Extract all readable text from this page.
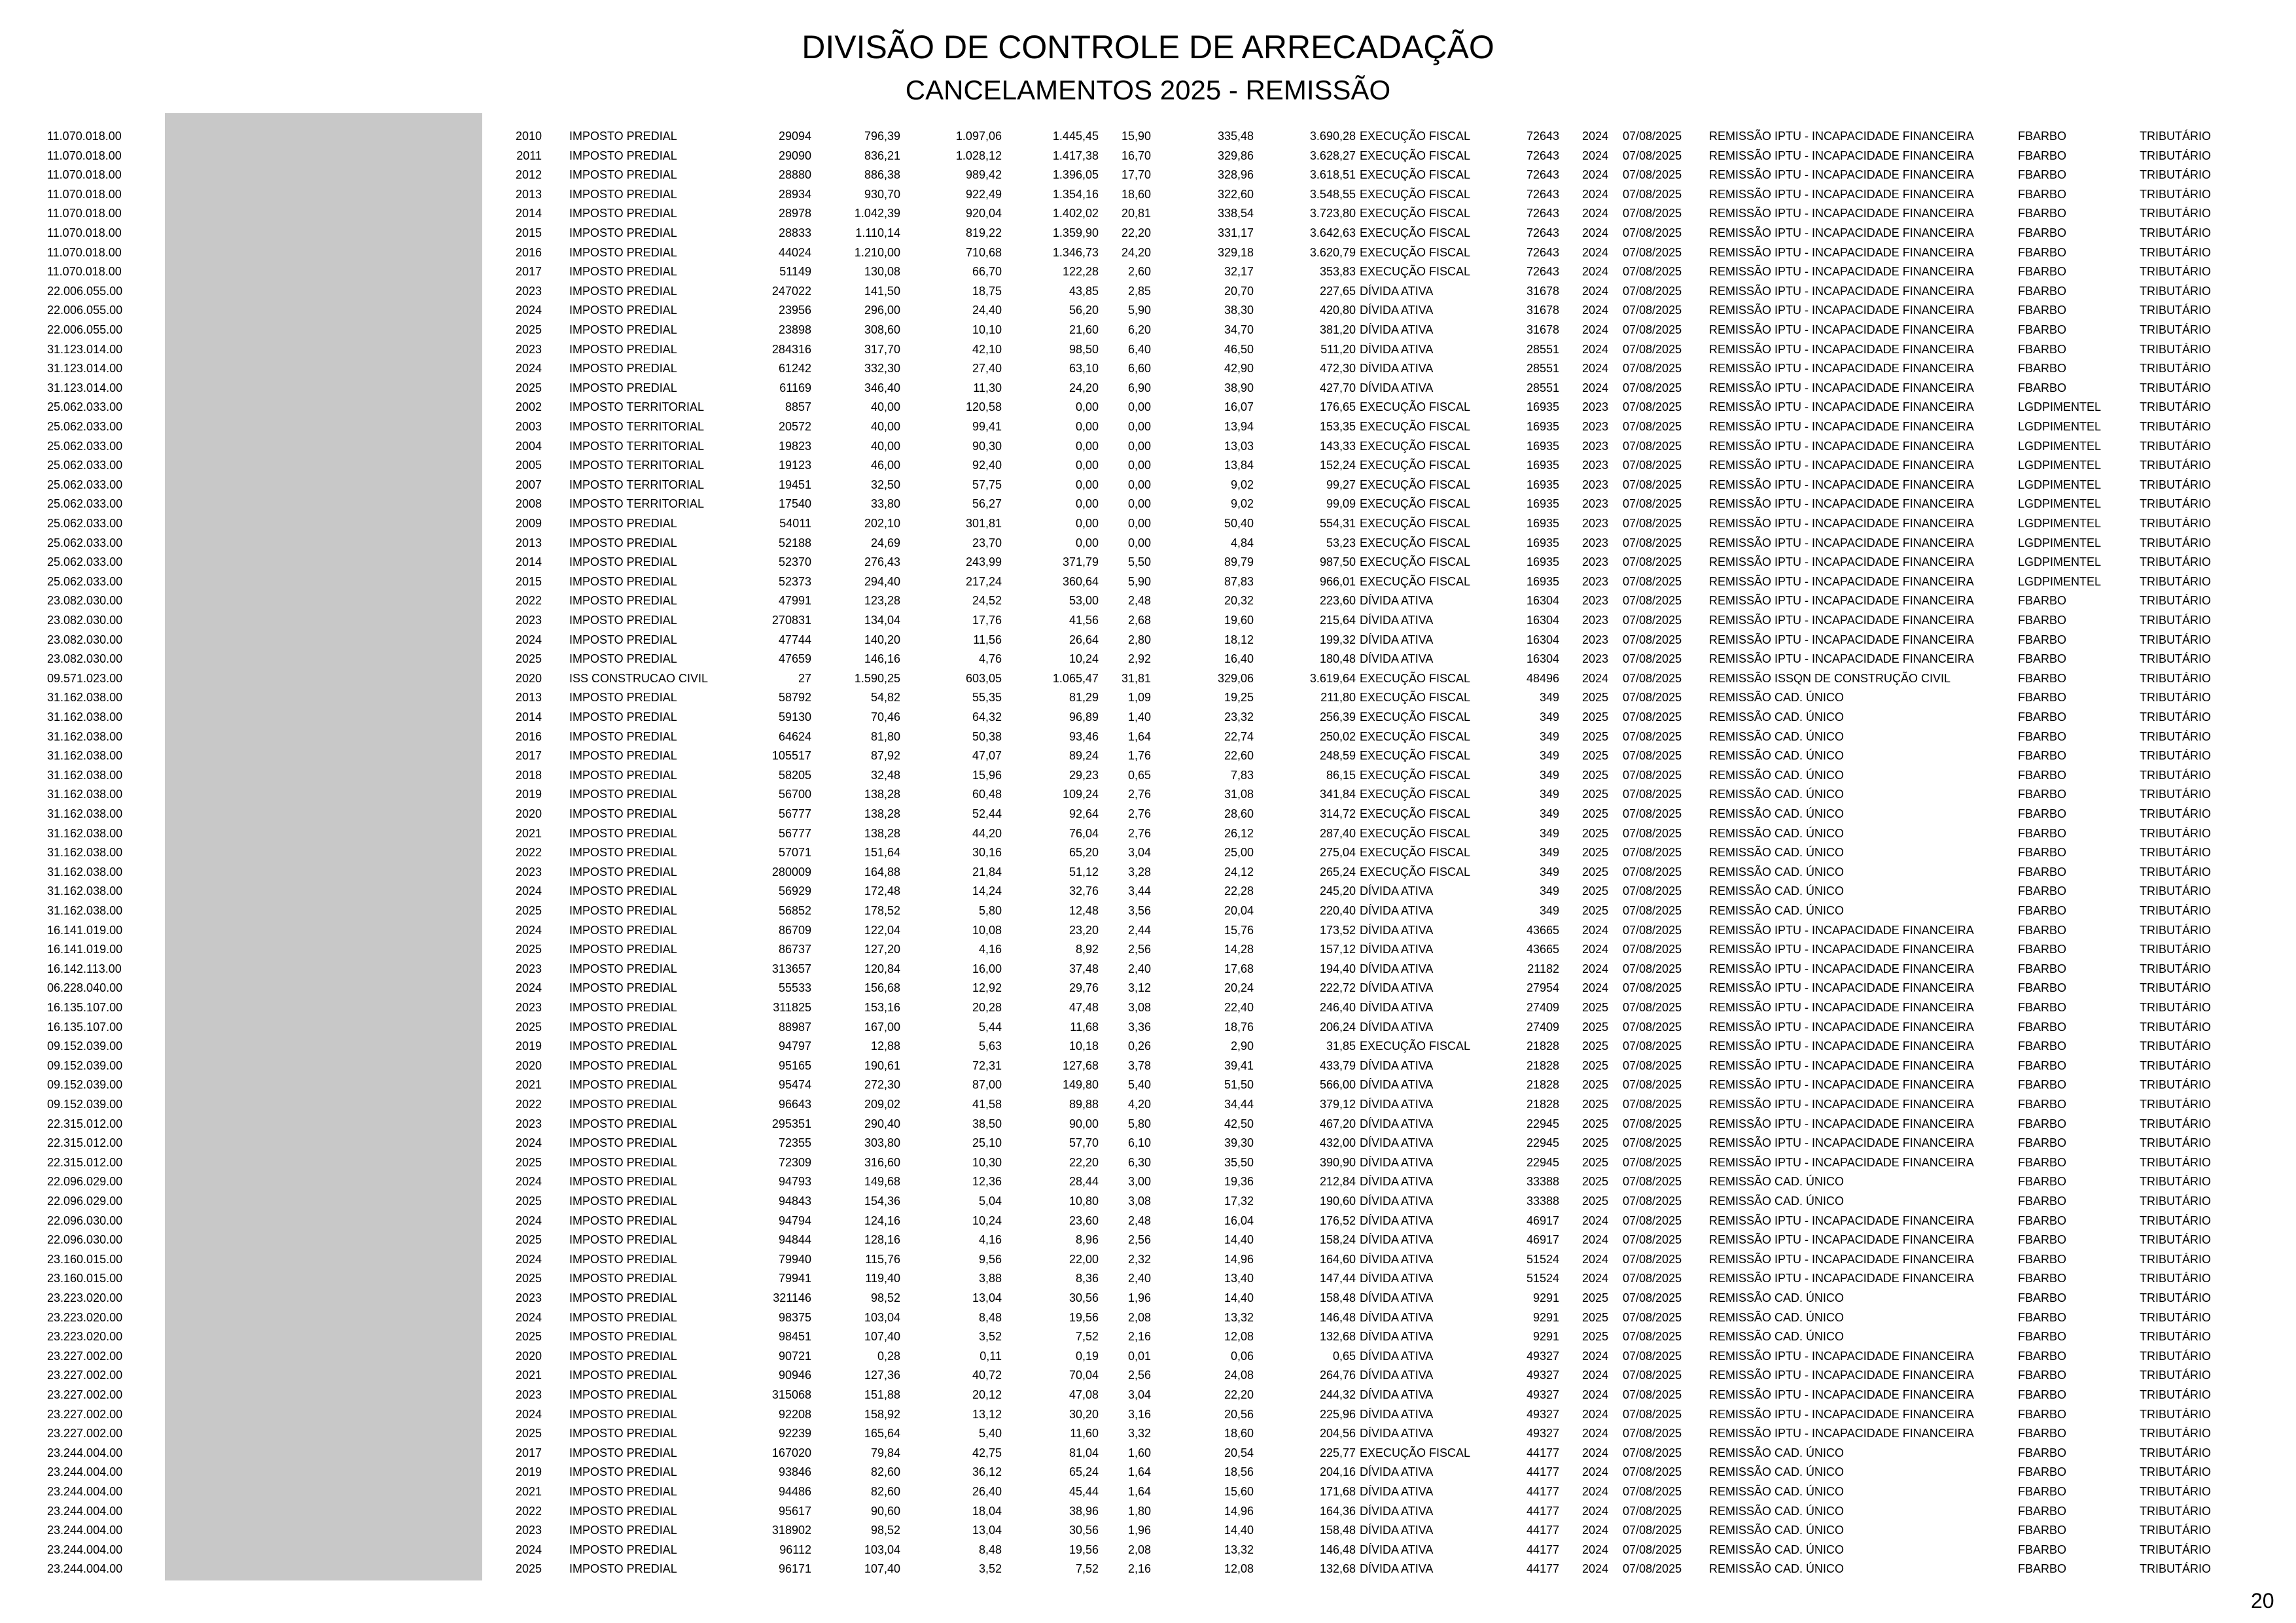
DIVISÃO DE CONTROLE DE ARRECADAÇÃO
CANCELAMENTOS 2025 - REMISSÃO
11.070.018.00	2010 IMPOSTO PREDIAL	29094	796,39	1.097,06	1.445,45	15,90	335,48	3.690,28 EXECUÇÃO FISCAL	72643	2024 07/08/2025	REMISSÃO IPTU - INCAPACIDADE FINANCEIRA	FBARBO	TRIBUTÁRIO
11.070.018.00	2011 IMPOSTO PREDIAL	29090	836,21	1.028,12	1.417,38	16,70	329,86	3.628,27 EXECUÇÃO FISCAL	72643	2024 07/08/2025	REMISSÃO IPTU - INCAPACIDADE FINANCEIRA	FBARBO	TRIBUTÁRIO
11.070.018.00	2012 IMPOSTO PREDIAL	28880	886,38	989,42	1.396,05	17,70	328,96	3.618,51 EXECUÇÃO FISCAL	72643	2024 07/08/2025	REMISSÃO IPTU - INCAPACIDADE FINANCEIRA	FBARBO	TRIBUTÁRIO
11.070.018.00	2013 IMPOSTO PREDIAL	28934	930,70	922,49	1.354,16	18,60	322,60	3.548,55 EXECUÇÃO FISCAL	72643	2024 07/08/2025	REMISSÃO IPTU - INCAPACIDADE FINANCEIRA	FBARBO	TRIBUTÁRIO
11.070.018.00	2014 IMPOSTO PREDIAL	28978	1.042,39	920,04	1.402,02	20,81	338,54	3.723,80 EXECUÇÃO FISCAL	72643	2024 07/08/2025	REMISSÃO IPTU - INCAPACIDADE FINANCEIRA	FBARBO	TRIBUTÁRIO
11.070.018.00	2015 IMPOSTO PREDIAL	28833	1.110,14	819,22	1.359,90	22,20	331,17	3.642,63 EXECUÇÃO FISCAL	72643	2024 07/08/2025	REMISSÃO IPTU - INCAPACIDADE FINANCEIRA	FBARBO	TRIBUTÁRIO
11.070.018.00	2016 IMPOSTO PREDIAL	44024	1.210,00	710,68	1.346,73	24,20	329,18	3.620,79 EXECUÇÃO FISCAL	72643	2024 07/08/2025	REMISSÃO IPTU - INCAPACIDADE FINANCEIRA	FBARBO	TRIBUTÁRIO
11.070.018.00	2017 IMPOSTO PREDIAL	51149	130,08	66,70	122,28	2,60	32,17	353,83 EXECUÇÃO FISCAL	72643	2024 07/08/2025	REMISSÃO IPTU - INCAPACIDADE FINANCEIRA	FBARBO	TRIBUTÁRIO
22.006.055.00	2023 IMPOSTO PREDIAL	247022	141,50	18,75	43,85	2,85	20,70	227,65 DÍVIDA ATIVA	31678	2024 07/08/2025	REMISSÃO IPTU - INCAPACIDADE FINANCEIRA	FBARBO	TRIBUTÁRIO
22.006.055.00	2024 IMPOSTO PREDIAL	23956	296,00	24,40	56,20	5,90	38,30	420,80 DÍVIDA ATIVA	31678	2024 07/08/2025	REMISSÃO IPTU - INCAPACIDADE FINANCEIRA	FBARBO	TRIBUTÁRIO
22.006.055.00	2025 IMPOSTO PREDIAL	23898	308,60	10,10	21,60	6,20	34,70	381,20 DÍVIDA ATIVA	31678	2024 07/08/2025	REMISSÃO IPTU - INCAPACIDADE FINANCEIRA	FBARBO	TRIBUTÁRIO
31.123.014.00	2023 IMPOSTO PREDIAL	284316	317,70	42,10	98,50	6,40	46,50	511,20 DÍVIDA ATIVA	28551	2024 07/08/2025	REMISSÃO IPTU - INCAPACIDADE FINANCEIRA	FBARBO	TRIBUTÁRIO
31.123.014.00	2024 IMPOSTO PREDIAL	61242	332,30	27,40	63,10	6,60	42,90	472,30 DÍVIDA ATIVA	28551	2024 07/08/2025	REMISSÃO IPTU - INCAPACIDADE FINANCEIRA	FBARBO	TRIBUTÁRIO
31.123.014.00	2025 IMPOSTO PREDIAL	61169	346,40	11,30	24,20	6,90	38,90	427,70 DÍVIDA ATIVA	28551	2024 07/08/2025	REMISSÃO IPTU - INCAPACIDADE FINANCEIRA	FBARBO	TRIBUTÁRIO
25.062.033.00	2002 IMPOSTO TERRITORIAL	8857	40,00	120,58	0,00	0,00	16,07	176,65 EXECUÇÃO FISCAL	16935	2023 07/08/2025	REMISSÃO IPTU - INCAPACIDADE FINANCEIRA	LGDPIMENTEL	TRIBUTÁRIO
25.062.033.00	2003 IMPOSTO TERRITORIAL	20572	40,00	99,41	0,00	0,00	13,94	153,35 EXECUÇÃO FISCAL	16935	2023 07/08/2025	REMISSÃO IPTU - INCAPACIDADE FINANCEIRA	LGDPIMENTEL	TRIBUTÁRIO
25.062.033.00	2004 IMPOSTO TERRITORIAL	19823	40,00	90,30	0,00	0,00	13,03	143,33 EXECUÇÃO FISCAL	16935	2023 07/08/2025	REMISSÃO IPTU - INCAPACIDADE FINANCEIRA	LGDPIMENTEL	TRIBUTÁRIO
25.062.033.00	2005 IMPOSTO TERRITORIAL	19123	46,00	92,40	0,00	0,00	13,84	152,24 EXECUÇÃO FISCAL	16935	2023 07/08/2025	REMISSÃO IPTU - INCAPACIDADE FINANCEIRA	LGDPIMENTEL	TRIBUTÁRIO
25.062.033.00	2007 IMPOSTO TERRITORIAL	19451	32,50	57,75	0,00	0,00	9,02	99,27 EXECUÇÃO FISCAL	16935	2023 07/08/2025	REMISSÃO IPTU - INCAPACIDADE FINANCEIRA	LGDPIMENTEL	TRIBUTÁRIO
25.062.033.00	2008 IMPOSTO TERRITORIAL	17540	33,80	56,27	0,00	0,00	9,02	99,09 EXECUÇÃO FISCAL	16935	2023 07/08/2025	REMISSÃO IPTU - INCAPACIDADE FINANCEIRA	LGDPIMENTEL	TRIBUTÁRIO
25.062.033.00	2009 IMPOSTO PREDIAL	54011	202,10	301,81	0,00	0,00	50,40	554,31 EXECUÇÃO FISCAL	16935	2023 07/08/2025	REMISSÃO IPTU - INCAPACIDADE FINANCEIRA	LGDPIMENTEL	TRIBUTÁRIO
25.062.033.00	2013 IMPOSTO PREDIAL	52188	24,69	23,70	0,00	0,00	4,84	53,23 EXECUÇÃO FISCAL	16935	2023 07/08/2025	REMISSÃO IPTU - INCAPACIDADE FINANCEIRA	LGDPIMENTEL	TRIBUTÁRIO
25.062.033.00	2014 IMPOSTO PREDIAL	52370	276,43	243,99	371,79	5,50	89,79	987,50 EXECUÇÃO FISCAL	16935	2023 07/08/2025	REMISSÃO IPTU - INCAPACIDADE FINANCEIRA	LGDPIMENTEL	TRIBUTÁRIO
25.062.033.00	2015 IMPOSTO PREDIAL	52373	294,40	217,24	360,64	5,90	87,83	966,01 EXECUÇÃO FISCAL	16935	2023 07/08/2025	REMISSÃO IPTU - INCAPACIDADE FINANCEIRA	LGDPIMENTEL	TRIBUTÁRIO
23.082.030.00	2022 IMPOSTO PREDIAL	47991	123,28	24,52	53,00	2,48	20,32	223,60 DÍVIDA ATIVA	16304	2023 07/08/2025	REMISSÃO IPTU - INCAPACIDADE FINANCEIRA	FBARBO	TRIBUTÁRIO
23.082.030.00	2023 IMPOSTO PREDIAL	270831	134,04	17,76	41,56	2,68	19,60	215,64 DÍVIDA ATIVA	16304	2023 07/08/2025	REMISSÃO IPTU - INCAPACIDADE FINANCEIRA	FBARBO	TRIBUTÁRIO
23.082.030.00	2024 IMPOSTO PREDIAL	47744	140,20	11,56	26,64	2,80	18,12	199,32 DÍVIDA ATIVA	16304	2023 07/08/2025	REMISSÃO IPTU - INCAPACIDADE FINANCEIRA	FBARBO	TRIBUTÁRIO
23.082.030.00	2025 IMPOSTO PREDIAL	47659	146,16	4,76	10,24	2,92	16,40	180,48 DÍVIDA ATIVA	16304	2023 07/08/2025	REMISSÃO IPTU - INCAPACIDADE FINANCEIRA	FBARBO	TRIBUTÁRIO
09.571.023.00	2020 ISS CONSTRUCAO CIVIL	27	1.590,25	603,05	1.065,47	31,81	329,06	3.619,64 EXECUÇÃO FISCAL	48496	2024 07/08/2025	REMISSÃO ISSQN DE CONSTRUÇÃO CIVIL	FBARBO	TRIBUTÁRIO
31.162.038.00	2013 IMPOSTO PREDIAL	58792	54,82	55,35	81,29	1,09	19,25	211,80 EXECUÇÃO FISCAL	349	2025 07/08/2025	REMISSÃO CAD. ÚNICO	FBARBO	TRIBUTÁRIO
31.162.038.00	2014 IMPOSTO PREDIAL	59130	70,46	64,32	96,89	1,40	23,32	256,39 EXECUÇÃO FISCAL	349	2025 07/08/2025	REMISSÃO CAD. ÚNICO	FBARBO	TRIBUTÁRIO
31.162.038.00	2016 IMPOSTO PREDIAL	64624	81,80	50,38	93,46	1,64	22,74	250,02 EXECUÇÃO FISCAL	349	2025 07/08/2025	REMISSÃO CAD. ÚNICO	FBARBO	TRIBUTÁRIO
31.162.038.00	2017 IMPOSTO PREDIAL	105517	87,92	47,07	89,24	1,76	22,60	248,59 EXECUÇÃO FISCAL	349	2025 07/08/2025	REMISSÃO CAD. ÚNICO	FBARBO	TRIBUTÁRIO
31.162.038.00	2018 IMPOSTO PREDIAL	58205	32,48	15,96	29,23	0,65	7,83	86,15 EXECUÇÃO FISCAL	349	2025 07/08/2025	REMISSÃO CAD. ÚNICO	FBARBO	TRIBUTÁRIO
31.162.038.00	2019 IMPOSTO PREDIAL	56700	138,28	60,48	109,24	2,76	31,08	341,84 EXECUÇÃO FISCAL	349	2025 07/08/2025	REMISSÃO CAD. ÚNICO	FBARBO	TRIBUTÁRIO
31.162.038.00	2020 IMPOSTO PREDIAL	56777	138,28	52,44	92,64	2,76	28,60	314,72 EXECUÇÃO FISCAL	349	2025 07/08/2025	REMISSÃO CAD. ÚNICO	FBARBO	TRIBUTÁRIO
31.162.038.00	2021 IMPOSTO PREDIAL	56777	138,28	44,20	76,04	2,76	26,12	287,40 EXECUÇÃO FISCAL	349	2025 07/08/2025	REMISSÃO CAD. ÚNICO	FBARBO	TRIBUTÁRIO
31.162.038.00	2022 IMPOSTO PREDIAL	57071	151,64	30,16	65,20	3,04	25,00	275,04 EXECUÇÃO FISCAL	349	2025 07/08/2025	REMISSÃO CAD. ÚNICO	FBARBO	TRIBUTÁRIO
31.162.038.00	2023 IMPOSTO PREDIAL	280009	164,88	21,84	51,12	3,28	24,12	265,24 EXECUÇÃO FISCAL	349	2025 07/08/2025	REMISSÃO CAD. ÚNICO	FBARBO	TRIBUTÁRIO
31.162.038.00	2024 IMPOSTO PREDIAL	56929	172,48	14,24	32,76	3,44	22,28	245,20 DÍVIDA ATIVA	349	2025 07/08/2025	REMISSÃO CAD. ÚNICO	FBARBO	TRIBUTÁRIO
31.162.038.00	2025 IMPOSTO PREDIAL	56852	178,52	5,80	12,48	3,56	20,04	220,40 DÍVIDA ATIVA	349	2025 07/08/2025	REMISSÃO CAD. ÚNICO	FBARBO	TRIBUTÁRIO
16.141.019.00	2024 IMPOSTO PREDIAL	86709	122,04	10,08	23,20	2,44	15,76	173,52 DÍVIDA ATIVA	43665	2024 07/08/2025	REMISSÃO IPTU - INCAPACIDADE FINANCEIRA	FBARBO	TRIBUTÁRIO
16.141.019.00	2025 IMPOSTO PREDIAL	86737	127,20	4,16	8,92	2,56	14,28	157,12 DÍVIDA ATIVA	43665	2024 07/08/2025	REMISSÃO IPTU - INCAPACIDADE FINANCEIRA	FBARBO	TRIBUTÁRIO
16.142.113.00	2023 IMPOSTO PREDIAL	313657	120,84	16,00	37,48	2,40	17,68	194,40 DÍVIDA ATIVA	21182	2024 07/08/2025	REMISSÃO IPTU - INCAPACIDADE FINANCEIRA	FBARBO	TRIBUTÁRIO
06.228.040.00	2024 IMPOSTO PREDIAL	55533	156,68	12,92	29,76	3,12	20,24	222,72 DÍVIDA ATIVA	27954	2024 07/08/2025	REMISSÃO IPTU - INCAPACIDADE FINANCEIRA	FBARBO	TRIBUTÁRIO
16.135.107.00	2023 IMPOSTO PREDIAL	311825	153,16	20,28	47,48	3,08	22,40	246,40 DÍVIDA ATIVA	27409	2025 07/08/2025	REMISSÃO IPTU - INCAPACIDADE FINANCEIRA	FBARBO	TRIBUTÁRIO
16.135.107.00	2025 IMPOSTO PREDIAL	88987	167,00	5,44	11,68	3,36	18,76	206,24 DÍVIDA ATIVA	27409	2025 07/08/2025	REMISSÃO IPTU - INCAPACIDADE FINANCEIRA	FBARBO	TRIBUTÁRIO
09.152.039.00	2019 IMPOSTO PREDIAL	94797	12,88	5,63	10,18	0,26	2,90	31,85 EXECUÇÃO FISCAL	21828	2025 07/08/2025	REMISSÃO IPTU - INCAPACIDADE FINANCEIRA	FBARBO	TRIBUTÁRIO
09.152.039.00	2020 IMPOSTO PREDIAL	95165	190,61	72,31	127,68	3,78	39,41	433,79 DÍVIDA ATIVA	21828	2025 07/08/2025	REMISSÃO IPTU - INCAPACIDADE FINANCEIRA	FBARBO	TRIBUTÁRIO
09.152.039.00	2021 IMPOSTO PREDIAL	95474	272,30	87,00	149,80	5,40	51,50	566,00 DÍVIDA ATIVA	21828	2025 07/08/2025	REMISSÃO IPTU - INCAPACIDADE FINANCEIRA	FBARBO	TRIBUTÁRIO
09.152.039.00	2022 IMPOSTO PREDIAL	96643	209,02	41,58	89,88	4,20	34,44	379,12 DÍVIDA ATIVA	21828	2025 07/08/2025	REMISSÃO IPTU - INCAPACIDADE FINANCEIRA	FBARBO	TRIBUTÁRIO
22.315.012.00	2023 IMPOSTO PREDIAL	295351	290,40	38,50	90,00	5,80	42,50	467,20 DÍVIDA ATIVA	22945	2025 07/08/2025	REMISSÃO IPTU - INCAPACIDADE FINANCEIRA	FBARBO	TRIBUTÁRIO
22.315.012.00	2024 IMPOSTO PREDIAL	72355	303,80	25,10	57,70	6,10	39,30	432,00 DÍVIDA ATIVA	22945	2025 07/08/2025	REMISSÃO IPTU - INCAPACIDADE FINANCEIRA	FBARBO	TRIBUTÁRIO
22.315.012.00	2025 IMPOSTO PREDIAL	72309	316,60	10,30	22,20	6,30	35,50	390,90 DÍVIDA ATIVA	22945	2025 07/08/2025	REMISSÃO IPTU - INCAPACIDADE FINANCEIRA	FBARBO	TRIBUTÁRIO
22.096.029.00	2024 IMPOSTO PREDIAL	94793	149,68	12,36	28,44	3,00	19,36	212,84 DÍVIDA ATIVA	33388	2025 07/08/2025	REMISSÃO CAD. ÚNICO	FBARBO	TRIBUTÁRIO
22.096.029.00	2025 IMPOSTO PREDIAL	94843	154,36	5,04	10,80	3,08	17,32	190,60 DÍVIDA ATIVA	33388	2025 07/08/2025	REMISSÃO CAD. ÚNICO	FBARBO	TRIBUTÁRIO
22.096.030.00	2024 IMPOSTO PREDIAL	94794	124,16	10,24	23,60	2,48	16,04	176,52 DÍVIDA ATIVA	46917	2024 07/08/2025	REMISSÃO IPTU - INCAPACIDADE FINANCEIRA	FBARBO	TRIBUTÁRIO
22.096.030.00	2025 IMPOSTO PREDIAL	94844	128,16	4,16	8,96	2,56	14,40	158,24 DÍVIDA ATIVA	46917	2024 07/08/2025	REMISSÃO IPTU - INCAPACIDADE FINANCEIRA	FBARBO	TRIBUTÁRIO
23.160.015.00	2024 IMPOSTO PREDIAL	79940	115,76	9,56	22,00	2,32	14,96	164,60 DÍVIDA ATIVA	51524	2024 07/08/2025	REMISSÃO IPTU - INCAPACIDADE FINANCEIRA	FBARBO	TRIBUTÁRIO
23.160.015.00	2025 IMPOSTO PREDIAL	79941	119,40	3,88	8,36	2,40	13,40	147,44 DÍVIDA ATIVA	51524	2024 07/08/2025	REMISSÃO IPTU - INCAPACIDADE FINANCEIRA	FBARBO	TRIBUTÁRIO
23.223.020.00	2023 IMPOSTO PREDIAL	321146	98,52	13,04	30,56	1,96	14,40	158,48 DÍVIDA ATIVA	9291	2025 07/08/2025	REMISSÃO CAD. ÚNICO	FBARBO	TRIBUTÁRIO
23.223.020.00	2024 IMPOSTO PREDIAL	98375	103,04	8,48	19,56	2,08	13,32	146,48 DÍVIDA ATIVA	9291	2025 07/08/2025	REMISSÃO CAD. ÚNICO	FBARBO	TRIBUTÁRIO
23.223.020.00	2025 IMPOSTO PREDIAL	98451	107,40	3,52	7,52	2,16	12,08	132,68 DÍVIDA ATIVA	9291	2025 07/08/2025	REMISSÃO CAD. ÚNICO	FBARBO	TRIBUTÁRIO
23.227.002.00	2020 IMPOSTO PREDIAL	90721	0,28	0,11	0,19	0,01	0,06	0,65 DÍVIDA ATIVA	49327	2024 07/08/2025	REMISSÃO IPTU - INCAPACIDADE FINANCEIRA	FBARBO	TRIBUTÁRIO
23.227.002.00	2021 IMPOSTO PREDIAL	90946	127,36	40,72	70,04	2,56	24,08	264,76 DÍVIDA ATIVA	49327	2024 07/08/2025	REMISSÃO IPTU - INCAPACIDADE FINANCEIRA	FBARBO	TRIBUTÁRIO
23.227.002.00	2023 IMPOSTO PREDIAL	315068	151,88	20,12	47,08	3,04	22,20	244,32 DÍVIDA ATIVA	49327	2024 07/08/2025	REMISSÃO IPTU - INCAPACIDADE FINANCEIRA	FBARBO	TRIBUTÁRIO
23.227.002.00	2024 IMPOSTO PREDIAL	92208	158,92	13,12	30,20	3,16	20,56	225,96 DÍVIDA ATIVA	49327	2024 07/08/2025	REMISSÃO IPTU - INCAPACIDADE FINANCEIRA	FBARBO	TRIBUTÁRIO
23.227.002.00	2025 IMPOSTO PREDIAL	92239	165,64	5,40	11,60	3,32	18,60	204,56 DÍVIDA ATIVA	49327	2024 07/08/2025	REMISSÃO IPTU - INCAPACIDADE FINANCEIRA	FBARBO	TRIBUTÁRIO
23.244.004.00	2017 IMPOSTO PREDIAL	167020	79,84	42,75	81,04	1,60	20,54	225,77 EXECUÇÃO FISCAL	44177	2024 07/08/2025	REMISSÃO CAD. ÚNICO	FBARBO	TRIBUTÁRIO
23.244.004.00	2019 IMPOSTO PREDIAL	93846	82,60	36,12	65,24	1,64	18,56	204,16 DÍVIDA ATIVA	44177	2024 07/08/2025	REMISSÃO CAD. ÚNICO	FBARBO	TRIBUTÁRIO
23.244.004.00	2021 IMPOSTO PREDIAL	94486	82,60	26,40	45,44	1,64	15,60	171,68 DÍVIDA ATIVA	44177	2024 07/08/2025	REMISSÃO CAD. ÚNICO	FBARBO	TRIBUTÁRIO
23.244.004.00	2022 IMPOSTO PREDIAL	95617	90,60	18,04	38,96	1,80	14,96	164,36 DÍVIDA ATIVA	44177	2024 07/08/2025	REMISSÃO CAD. ÚNICO	FBARBO	TRIBUTÁRIO
23.244.004.00	2023 IMPOSTO PREDIAL	318902	98,52	13,04	30,56	1,96	14,40	158,48 DÍVIDA ATIVA	44177	2024 07/08/2025	REMISSÃO CAD. ÚNICO	FBARBO	TRIBUTÁRIO
23.244.004.00	2024 IMPOSTO PREDIAL	96112	103,04	8,48	19,56	2,08	13,32	146,48 DÍVIDA ATIVA	44177	2024 07/08/2025	REMISSÃO CAD. ÚNICO	FBARBO	TRIBUTÁRIO
23.244.004.00	2025 IMPOSTO PREDIAL	96171	107,40	3,52	7,52	2,16	12,08	132,68 DÍVIDA ATIVA	44177	2024 07/08/2025	REMISSÃO CAD. ÚNICO	FBARBO	TRIBUTÁRIO
20
